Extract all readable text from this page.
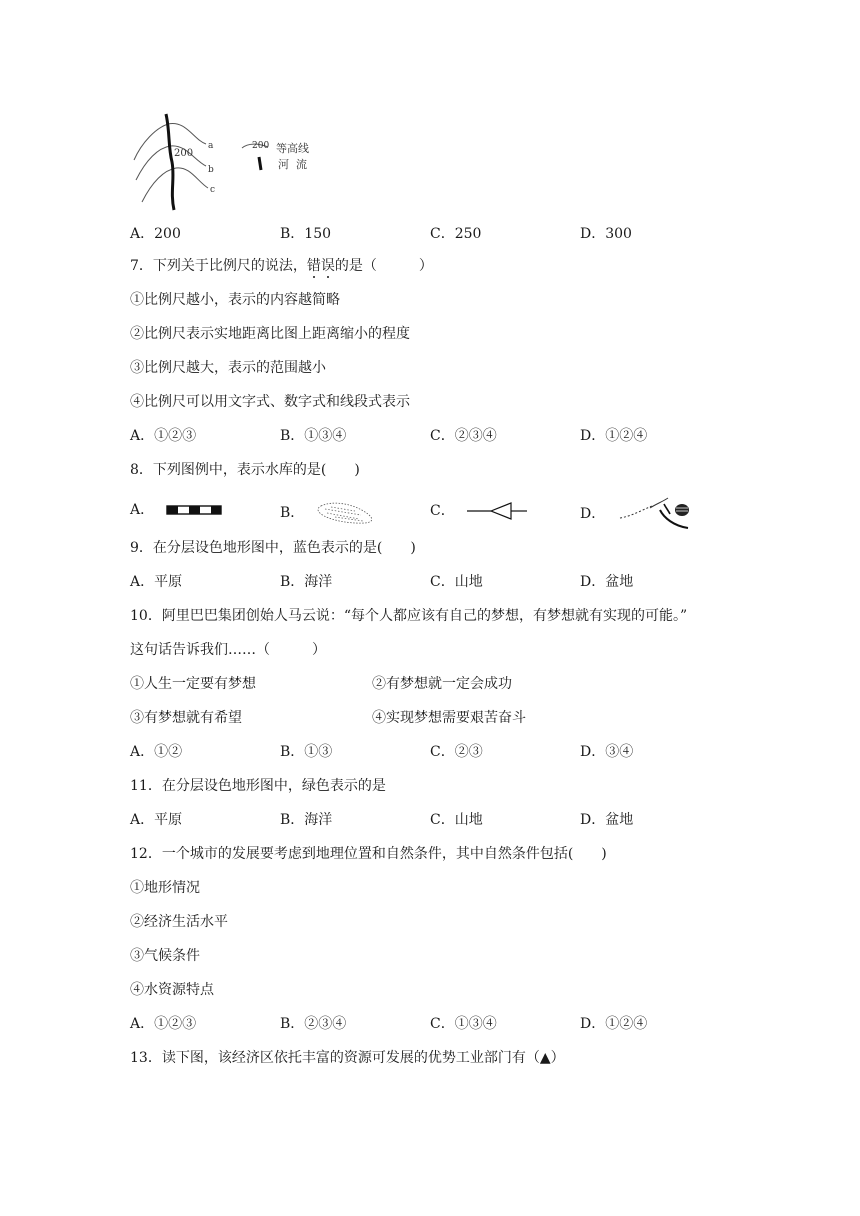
200
a
b
c
200 等高线
河  流
A．200	B．150	C．250	D．300
7．下列关于比例尺的说法，错误的是（　　　）
①比例尺越小，表示的内容越简略
②比例尺表示实地距离比图上距离缩小的程度
③比例尺越大，表示的范围越小
④比例尺可以用文字式、数字式和线段式表示
A．①②③	B．①③④	C．②③④	D．①②④
8．下列图例中，表示水库的是(　　)
A．	B．	C．	D．
9．在分层设色地形图中，蓝色表示的是(　　)
A．平原	B．海洋	C．山地	D．盆地
10．阿里巴巴集团创始人马云说：“每个人都应该有自己的梦想，有梦想就有实现的可能。”
这句话告诉我们……（　　　）
①人生一定要有梦想	②有梦想就一定会成功
③有梦想就有希望	④实现梦想需要艰苦奋斗
A．①②	B．①③	C．②③	D．③④
11．在分层设色地形图中，绿色表示的是
A．平原	B．海洋	C．山地	D．盆地
12．一个城市的发展要考虑到地理位置和自然条件，其中自然条件包括(　　)
①地形情况
②经济生活水平
③气候条件
④水资源特点
A．①②③	B．②③④	C．①③④	D．①②④
13．读下图，该经济区依托丰富的资源可发展的优势工业部门有（▲）
